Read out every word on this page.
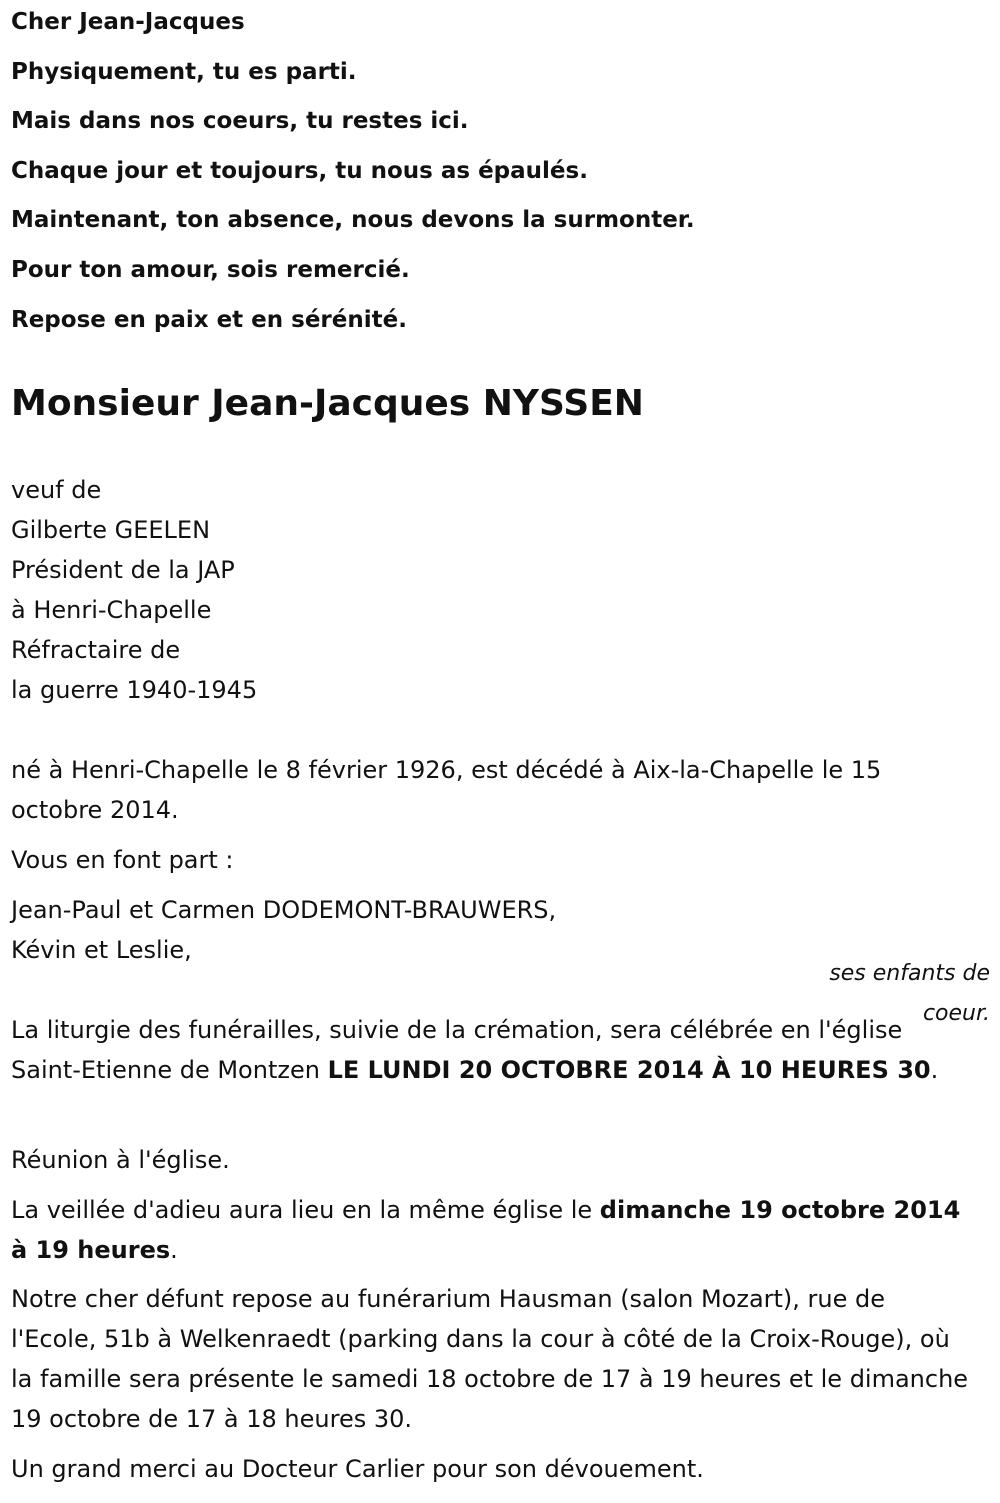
Cher Jean-Jacques
Physiquement, tu es parti.
Mais dans nos coeurs, tu restes ici.
Chaque jour et toujours, tu nous as épaulés.
Maintenant, ton absence, nous devons la surmonter.
Pour ton amour, sois remercié.
Repose en paix et en sérénité.
Monsieur Jean-Jacques NYSSEN

veuf de

Gilberte GEELEN

Président de la JAP

à Henri-Chapelle

Réfractaire de

la guerre 1940-1945

né à Henri-Chapelle le 8 février 1926, est décédé à Aix-la-Chapelle le 15 octobre 2014.

Vous en font part :

Jean-Paul et Carmen DODEMONT-BRAUWERS,

Kévin et Leslie,

ses enfants de
coeur.

La liturgie des funérailles, suivie de la crémation, sera célébrée en l'église Saint-Etienne de Montzen LE LUNDI 20 OCTOBRE 2014 À 10 HEURES 30.

Réunion à l'église.

La veillée d'adieu aura lieu en la même église le dimanche 19 octobre 2014 à 19 heures.

Notre cher défunt repose au funérarium Hausman (salon Mozart), rue de l'Ecole, 51b à Welkenraedt (parking dans la cour à côté de la Croix-Rouge), où la famille sera présente le samedi 18 octobre de 17 à 19 heures et le dimanche 19 octobre de 17 à 18 heures 30.

Un grand merci au Docteur Carlier pour son dévouement.
